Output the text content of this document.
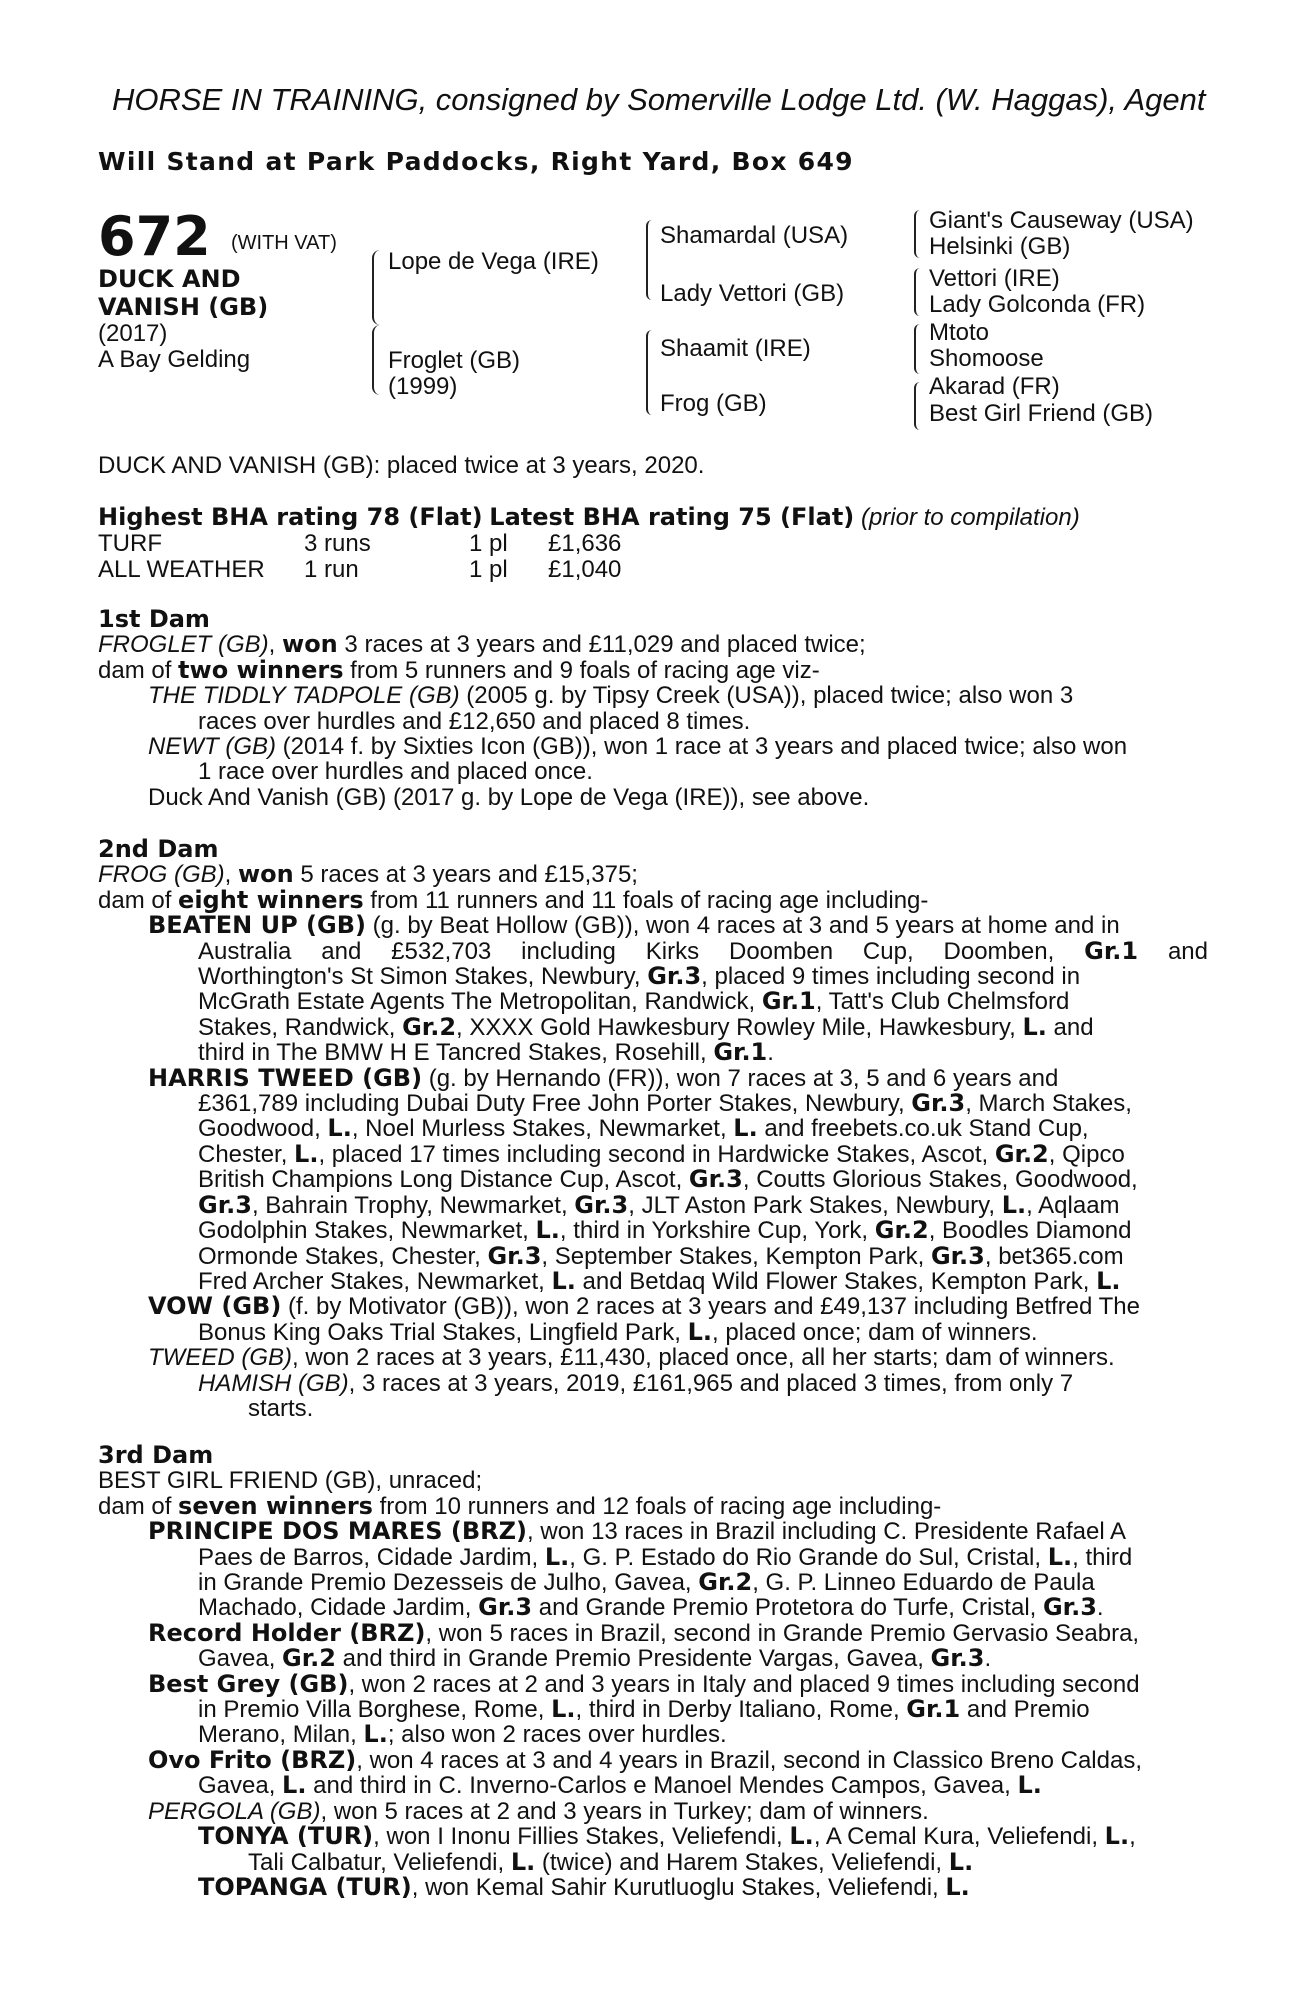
HORSE IN TRAINING, consigned by Somerville Lodge Ltd. (W. Haggas), Agent
Will Stand at Park Paddocks, Right Yard, Box 649
672 (WITH VAT)
DUCK AND
VANISH (GB)
(2017)
A Bay Gelding
Lope de Vega (IRE)
Froglet (GB)
(1999)
Shamardal (USA)
Lady Vettori (GB)
Shaamit (IRE)
Frog (GB)
Giant's Causeway (USA)
Helsinki (GB)
Vettori (IRE)
Lady Golconda (FR)
Mtoto
Shomoose
Akarad (FR)
Best Girl Friend (GB)
DUCK AND VANISH (GB): placed twice at 3 years, 2020.
Highest BHA rating 78 (Flat) Latest BHA rating 75 (Flat) (prior to compilation)
TURF	3 runs	1 pl £1,636
ALL WEATHER 1 run	1 pl £1,040
1st Dam
FROGLET (GB), won 3 races at 3 years and £11,029 and placed twice;
dam of two winners from 5 runners and 9 foals of racing age viz-
THE TIDDLY TADPOLE (GB) (2005 g. by Tipsy Creek (USA)), placed twice; also won 3
races over hurdles and £12,650 and placed 8 times.
NEWT (GB) (2014 f. by Sixties Icon (GB)), won 1 race at 3 years and placed twice; also won
1 race over hurdles and placed once.
Duck And Vanish (GB) (2017 g. by Lope de Vega (IRE)), see above.
2nd Dam
FROG (GB), won 5 races at 3 years and £15,375;
dam of eight winners from 11 runners and 11 foals of racing age including-
BEATEN UP (GB) (g. by Beat Hollow (GB)), won 4 races at 3 and 5 years at home and in
Australia and £532,703 including Kirks Doomben Cup, Doomben, Gr.1 and
Worthington's St Simon Stakes, Newbury, Gr.3, placed 9 times including second in
McGrath Estate Agents The Metropolitan, Randwick, Gr.1, Tatt's Club Chelmsford
Stakes, Randwick, Gr.2, XXXX Gold Hawkesbury Rowley Mile, Hawkesbury, L. and
third in The BMW H E Tancred Stakes, Rosehill, Gr.1.
HARRIS TWEED (GB) (g. by Hernando (FR)), won 7 races at 3, 5 and 6 years and
£361,789 including Dubai Duty Free John Porter Stakes, Newbury, Gr.3, March Stakes,
Goodwood, L., Noel Murless Stakes, Newmarket, L. and freebets.co.uk Stand Cup,
Chester, L., placed 17 times including second in Hardwicke Stakes, Ascot, Gr.2, Qipco
British Champions Long Distance Cup, Ascot, Gr.3, Coutts Glorious Stakes, Goodwood,
Gr.3, Bahrain Trophy, Newmarket, Gr.3, JLT Aston Park Stakes, Newbury, L., Aqlaam
Godolphin Stakes, Newmarket, L., third in Yorkshire Cup, York, Gr.2, Boodles Diamond
Ormonde Stakes, Chester, Gr.3, September Stakes, Kempton Park, Gr.3, bet365.com
Fred Archer Stakes, Newmarket, L. and Betdaq Wild Flower Stakes, Kempton Park, L.
VOW (GB) (f. by Motivator (GB)), won 2 races at 3 years and £49,137 including Betfred The
Bonus King Oaks Trial Stakes, Lingfield Park, L., placed once; dam of winners.
TWEED (GB), won 2 races at 3 years, £11,430, placed once, all her starts; dam of winners.
HAMISH (GB), 3 races at 3 years, 2019, £161,965 and placed 3 times, from only 7
starts.
3rd Dam
BEST GIRL FRIEND (GB), unraced;
dam of seven winners from 10 runners and 12 foals of racing age including-
PRINCIPE DOS MARES (BRZ), won 13 races in Brazil including C. Presidente Rafael A
Paes de Barros, Cidade Jardim, L., G. P. Estado do Rio Grande do Sul, Cristal, L., third
in Grande Premio Dezesseis de Julho, Gavea, Gr.2, G. P. Linneo Eduardo de Paula
Machado, Cidade Jardim, Gr.3 and Grande Premio Protetora do Turfe, Cristal, Gr.3.
Record Holder (BRZ), won 5 races in Brazil, second in Grande Premio Gervasio Seabra,
Gavea, Gr.2 and third in Grande Premio Presidente Vargas, Gavea, Gr.3.
Best Grey (GB), won 2 races at 2 and 3 years in Italy and placed 9 times including second
in Premio Villa Borghese, Rome, L., third in Derby Italiano, Rome, Gr.1 and Premio
Merano, Milan, L.; also won 2 races over hurdles.
Ovo Frito (BRZ), won 4 races at 3 and 4 years in Brazil, second in Classico Breno Caldas,
Gavea, L. and third in C. Inverno-Carlos e Manoel Mendes Campos, Gavea, L.
PERGOLA (GB), won 5 races at 2 and 3 years in Turkey; dam of winners.
TONYA (TUR), won I Inonu Fillies Stakes, Veliefendi, L., A Cemal Kura, Veliefendi, L.,
Tali Calbatur, Veliefendi, L. (twice) and Harem Stakes, Veliefendi, L.
TOPANGA (TUR), won Kemal Sahir Kurutluoglu Stakes, Veliefendi, L.
